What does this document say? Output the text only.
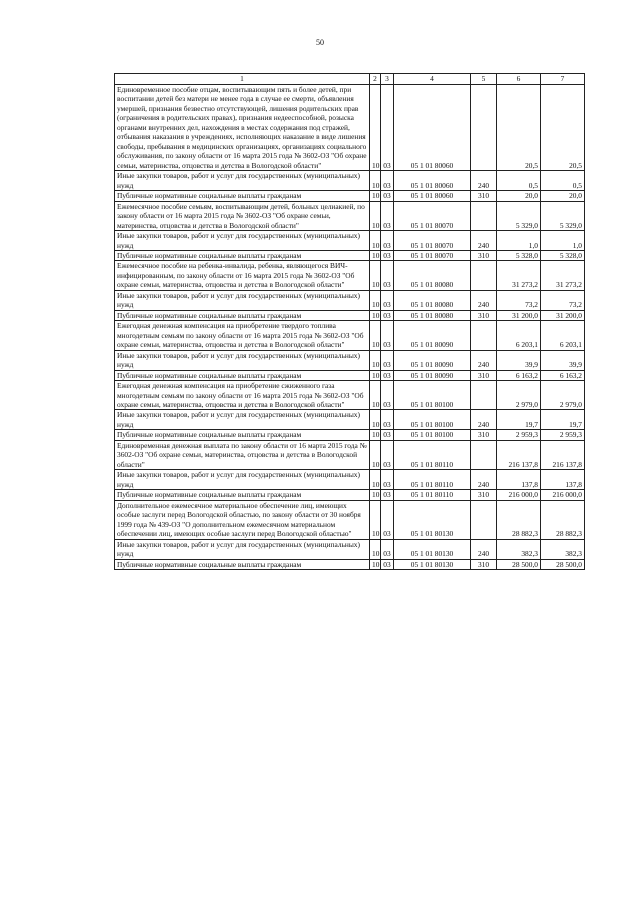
50
1	2	3	4	5	6	7
Единовременное пособие отцам, воспитывающим пять и более детей, при воспитании детей без матери не менее года в случае ее смерти, объявления умершей, признания безвестно отсутствующей, лишения родительских прав (ограничения в родительских правах), признания недееспособной, розыска органами внутренних дел, нахождения в местах содержания под стражей, отбывания наказания в учреждениях, исполняющих наказание в виде лишения свободы, пребывания в медицинских организациях, организациях социального обслуживания, по закону области от 16 марта 2015 года № 3602-ОЗ "Об охране семьи, материнства, отцовства и детства в Вологодской области"	10	03	05 1 01 80060		20,5	20,5
Иные закупки товаров, работ и услуг для государственных (муниципальных) нужд	10	03	05 1 01 80060	240	0,5	0,5
Публичные нормативные социальные выплаты гражданам	10	03	05 1 01 80060	310	20,0	20,0
Ежемесячное пособие семьям, воспитывающим детей, больных целиакией, по закону области от 16 марта 2015 года № 3602-ОЗ "Об охране семьи, материнства, отцовства и детства в Вологодской области"	10	03	05 1 01 80070		5 329,0	5 329,0
Иные закупки товаров, работ и услуг для государственных (муниципальных) нужд	10	03	05 1 01 80070	240	1,0	1,0
Публичные нормативные социальные выплаты гражданам	10	03	05 1 01 80070	310	5 328,0	5 328,0
Ежемесячное пособие на ребенка-инвалида, ребенка, являющегося ВИЧ-инфицированным, по закону области от 16 марта 2015 года № 3602-ОЗ "Об охране семьи, материнства, отцовства и детства в Вологодской области"	10	03	05 1 01 80080		31 273,2	31 273,2
Иные закупки товаров, работ и услуг для государственных (муниципальных) нужд	10	03	05 1 01 80080	240	73,2	73,2
Публичные нормативные социальные выплаты гражданам	10	03	05 1 01 80080	310	31 200,0	31 200,0
Ежегодная денежная компенсация на приобретение твердого топлива многодетным семьям по закону области от 16 марта 2015 года № 3602-ОЗ "Об охране семьи, материнства, отцовства и детства в Вологодской области"	10	03	05 1 01 80090		6 203,1	6 203,1
Иные закупки товаров, работ и услуг для государственных (муниципальных) нужд	10	03	05 1 01 80090	240	39,9	39,9
Публичные нормативные социальные выплаты гражданам	10	03	05 1 01 80090	310	6 163,2	6 163,2
Ежегодная денежная компенсация на приобретение сжиженного газа многодетным семьям по закону области от 16 марта 2015 года № 3602-ОЗ "Об охране семьи, материнства, отцовства и детства в Вологодской области"	10	03	05 1 01 80100		2 979,0	2 979,0
Иные закупки товаров, работ и услуг для государственных (муниципальных) нужд	10	03	05 1 01 80100	240	19,7	19,7
Публичные нормативные социальные выплаты гражданам	10	03	05 1 01 80100	310	2 959,3	2 959,3
Единовременная денежная выплата по закону области от 16 марта 2015 года № 3602-ОЗ "Об охране семьи, материнства, отцовства и детства в Вологодской области"	10	03	05 1 01 80110		216 137,8	216 137,8
Иные закупки товаров, работ и услуг для государственных (муниципальных) нужд	10	03	05 1 01 80110	240	137,8	137,8
Публичные нормативные социальные выплаты гражданам	10	03	05 1 01 80110	310	216 000,0	216 000,0
Дополнительное ежемесячное материальное обеспечение лиц, имеющих особые заслуги перед Вологодской областью, по закону области от 30 ноября 1999 года № 439-ОЗ "О дополнительном ежемесячном материальном обеспечении лиц, имеющих особые заслуги перед Вологодской областью"	10	03	05 1 01 80130		28 882,3	28 882,3
Иные закупки товаров, работ и услуг для государственных (муниципальных) нужд	10	03	05 1 01 80130	240	382,3	382,3
Публичные нормативные социальные выплаты гражданам	10	03	05 1 01 80130	310	28 500,0	28 500,0
